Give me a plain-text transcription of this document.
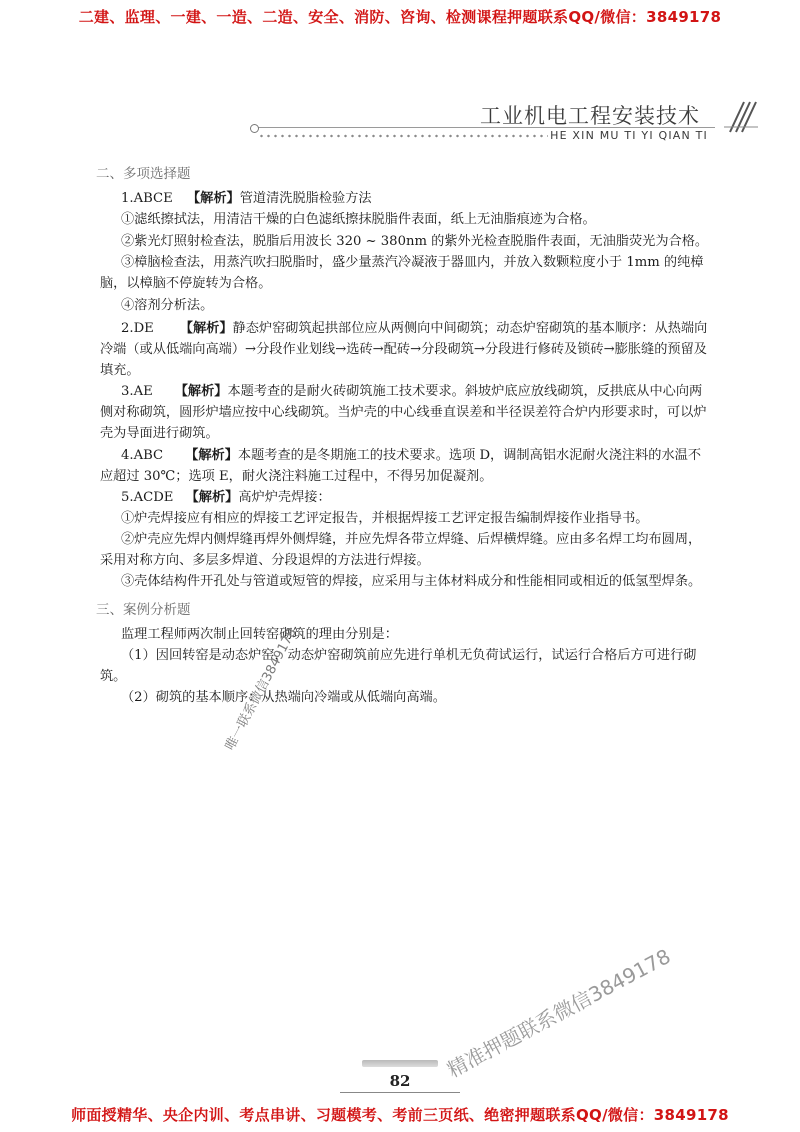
二建、监理、一建、一造、二造、安全、消防、咨询、检测课程押题联系QQ/微信：3849178
师面授精华、央企内训、考点串讲、习题模考、考前三页纸、绝密押题联系QQ/微信：3849178
工业机电工程安装技术
HE XIN MU TI YI QIAN TI
二、多项选择题
1.ABCE 【解析】管道清洗脱脂检验方法
①滤纸擦拭法，用清洁干燥的白色滤纸擦抹脱脂件表面，纸上无油脂痕迹为合格。
②紫光灯照射检查法，脱脂后用波长 320 ~ 380nm 的紫外光检查脱脂件表面，无油脂荧光为合格。
③樟脑检查法，用蒸汽吹扫脱脂时，盛少量蒸汽冷凝液于器皿内，并放入数颗粒度小于 1mm 的纯樟脑，以樟脑不停旋转为合格。
④溶剂分析法。
2.DE 【解析】静态炉窑砌筑起拱部位应从两侧向中间砌筑；动态炉窑砌筑的基本顺序：从热端向冷端（或从低端向高端）→分段作业划线→选砖→配砖→分段砌筑→分段进行修砖及锁砖→膨胀缝的预留及填充。
3.AE 【解析】本题考查的是耐火砖砌筑施工技术要求。斜坡炉底应放线砌筑，反拱底从中心向两侧对称砌筑，圆形炉墙应按中心线砌筑。当炉壳的中心线垂直误差和半径误差符合炉内形要求时，可以炉壳为导面进行砌筑。
4.ABC 【解析】本题考查的是冬期施工的技术要求。选项 D，调制高铝水泥耐火浇注料的水温不应超过 30℃；选项 E，耐火浇注料施工过程中，不得另加促凝剂。
5.ACDE 【解析】高炉炉壳焊接：
①炉壳焊接应有相应的焊接工艺评定报告，并根据焊接工艺评定报告编制焊接作业指导书。
②炉壳应先焊内侧焊缝再焊外侧焊缝，并应先焊各带立焊缝、后焊横焊缝。应由多名焊工均布圆周，采用对称方向、多层多焊道、分段退焊的方法进行焊接。
③壳体结构件开孔处与管道或短管的焊接，应采用与主体材料成分和性能相同或相近的低氢型焊条。
三、案例分析题
监理工程师两次制止回转窑砌筑的理由分别是：
（1）因回转窑是动态炉窑，动态炉窑砌筑前应先进行单机无负荷试运行，试运行合格后方可进行砌筑。
（2）砌筑的基本顺序：从热端向冷端或从低端向高端。
唯一联系微信3849178
精准押题联系微信3849178
82
